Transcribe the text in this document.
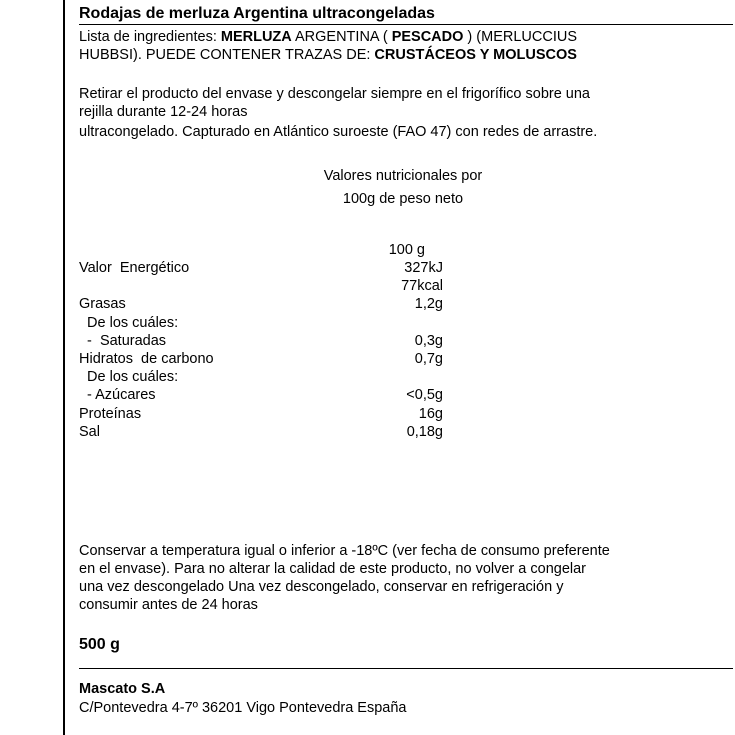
Rodajas de merluza Argentina ultracongeladas
Lista de ingredientes: MERLUZA ARGENTINA ( PESCADO ) (MERLUCCIUS
HUBBSI). PUEDE CONTENER TRAZAS DE: CRUSTÁCEOS Y MOLUSCOS
Retirar el producto del envase y descongelar siempre en el frigorífico sobre una
rejilla durante 12-24 horas
ultracongelado. Capturado en Atlántico suroeste (FAO 47) con redes de arrastre.
Valores nutricionales por
100g de peso neto
100 g
Valor  Energético	327kJ
77kcal
Grasas	1,2g
De los cuáles:
-  Saturadas	0,3g
Hidratos  de carbono	0,7g
De los cuáles:
- Azúcares	<0,5g
Proteínas	16g
Sal	0,18g
Conservar a temperatura igual o inferior a -18ºC (ver fecha de consumo preferente
en el envase). Para no alterar la calidad de este producto, no volver a congelar
una vez descongelado Una vez descongelado, conservar en refrigeración y
consumir antes de 24 horas
500 g
Mascato S.A
C/Pontevedra 4-7º 36201 Vigo Pontevedra España
